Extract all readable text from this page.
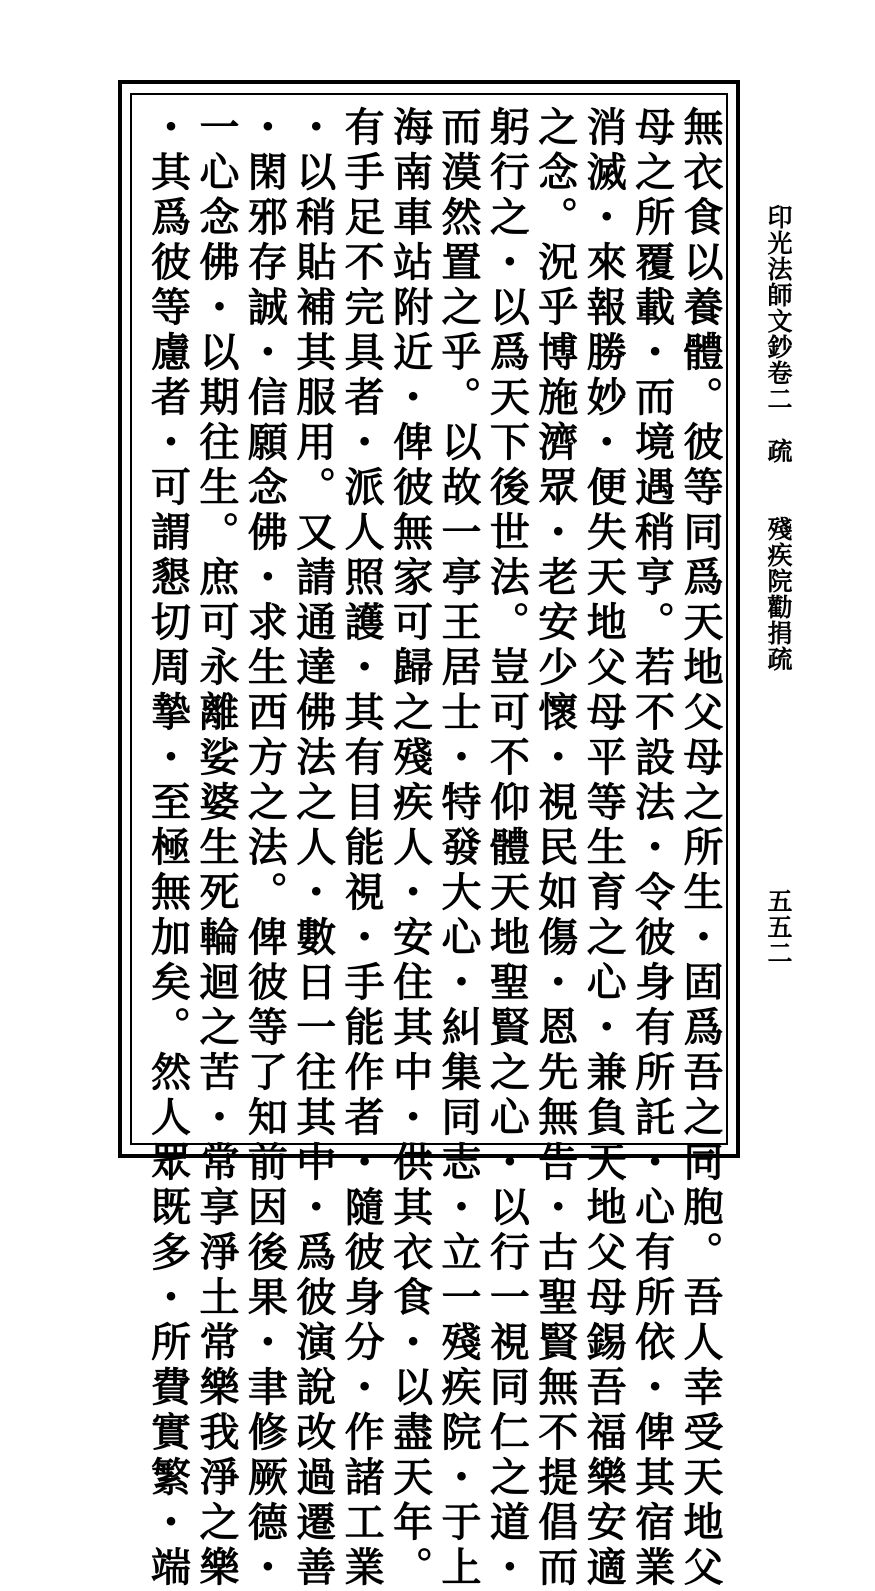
印光法師文鈔卷二　疏　　殘疾院勸捐疏
五五二
無衣食以養體。彼等同爲天地父母之所生・固爲吾之同胞。吾人幸受天地父
母之所覆載・而境遇稍亨。若不設法・令彼身有所託・心有所依・俾其宿業
消滅・來報勝妙・便失天地父母平等生育之心・兼負天地父母錫吾福樂安適
之念。況乎博施濟眾・老安少懷・視民如傷・恩先無告・古聖賢無不提倡而
躬行之・以爲天下後世法。豈可不仰體天地聖賢之心・以行一視同仁之道・
而漠然置之乎。以故一亭王居士・特發大心・糾集同志・立一殘疾院・于上
海南車站附近・俾彼無家可歸之殘疾人・安住其中・供其衣食・以盡天年。
有手足不完具者・派人照護・其有目能視・手能作者・隨彼身分・作諸工業
・以稍貼補其服用。又請通達佛法之人・數日一往其中・爲彼演說改過遷善
・閑邪存誠・信願念佛・求生西方之法。俾彼等了知前因後果・聿修厥德・
一心念佛・以期往生。庶可永離娑婆生死輪迴之苦・常享淨土常樂我淨之樂
・其爲彼等慮者・可謂懇切周摯・至極無加矣。然人眾既多・所費實繁・端
